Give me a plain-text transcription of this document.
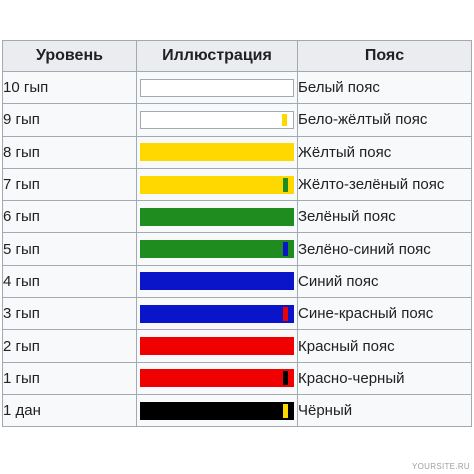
Уровень	Иллюстрация	Пояс
10 гып		Белый пояс
9 гып		Бело-жёлтый пояс
8 гып		Жёлтый пояс
7 гып		Жёлто-зелёный пояс
6 гып		Зелёный пояс
5 гып		Зелёно-синий пояс
4 гып		Синий пояс
3 гып		Сине-красный пояс
2 гып		Красный пояс
1 гып		Красно-черный
1 дан		Чёрный
YOURSITE.RU
